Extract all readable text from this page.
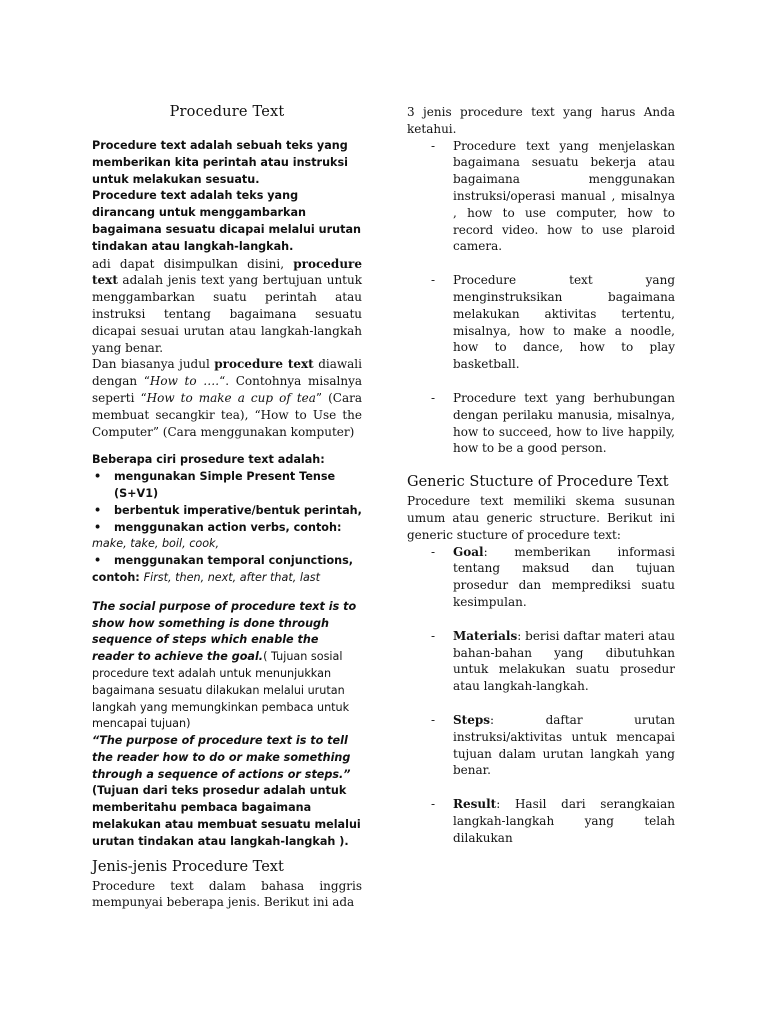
Procedure Text

Procedure text adalah sebuah teks yang memberikan kita perintah atau instruksi untuk melakukan sesuatu.

Procedure text adalah teks yang dirancang untuk menggambarkan bagaimana sesuatu dicapai melalui urutan tindakan atau langkah-langkah.

adi dapat disimpulkan disini, procedure text adalah jenis text yang bertujuan untuk menggambarkan suatu perintah atau instruksi tentang bagaimana sesuatu dicapai sesuai urutan atau langkah-langkah yang benar.

Dan biasanya judul procedure text diawali dengan “How to ….“. Contohnya misalnya seperti “How to make a cup of tea” (Cara membuat secangkir tea), “How to Use the Computer” (Cara menggunakan komputer)

Beberapa ciri prosedure text adalah:

• mengunakan Simple Present Tense (S+V1)
• berbentuk imperative/bentuk perintah,
• menggunakan action verbs, contoh: make, take, boil, cook,
• menggunakan temporal conjunctions, contoh: First, then, next, after that, last

The social purpose of procedure text is to show how something is done through sequence of steps which enable the reader to achieve the goal.( Tujuan sosial procedure text adalah untuk menunjukkan bagaimana sesuatu dilakukan melalui urutan langkah yang memungkinkan pembaca untuk mencapai tujuan)

“The purpose of procedure text is to tell the reader how to do or make something through a sequence of actions or steps.”

(Tujuan dari teks prosedur adalah untuk memberitahu pembaca bagaimana melakukan atau membuat sesuatu melalui urutan tindakan atau langkah-langkah ).

Jenis-jenis Procedure Text

Procedure text dalam bahasa inggris mempunyai beberapa jenis. Berikut ini ada

3 jenis procedure text yang harus Anda ketahui.

- Procedure text yang menjelaskan bagaimana sesuatu bekerja atau bagaimana menggunakan instruksi/operasi manual , misalnya , how to use computer, how to record video. how to use plaroid camera.
- Procedure text yang menginstruksikan bagaimana melakukan aktivitas tertentu, misalnya, how to make a noodle, how to dance, how to play basketball.
- Procedure text yang berhubungan dengan perilaku manusia, misalnya, how to succeed, how to live happily, how to be a good person.
Generic Stucture of Procedure Text

Procedure text memiliki skema susunan umum atau generic structure. Berikut ini generic stucture of procedure text:

- Goal: memberikan informasi tentang maksud dan tujuan prosedur dan memprediksi suatu kesimpulan.
- Materials: berisi daftar materi atau bahan-bahan yang dibutuhkan untuk melakukan suatu prosedur atau langkah-langkah.
- Steps: daftar urutan instruksi/aktivitas untuk mencapai tujuan dalam urutan langkah yang benar.
- Result: Hasil dari serangkaian langkah-langkah yang telah dilakukan
